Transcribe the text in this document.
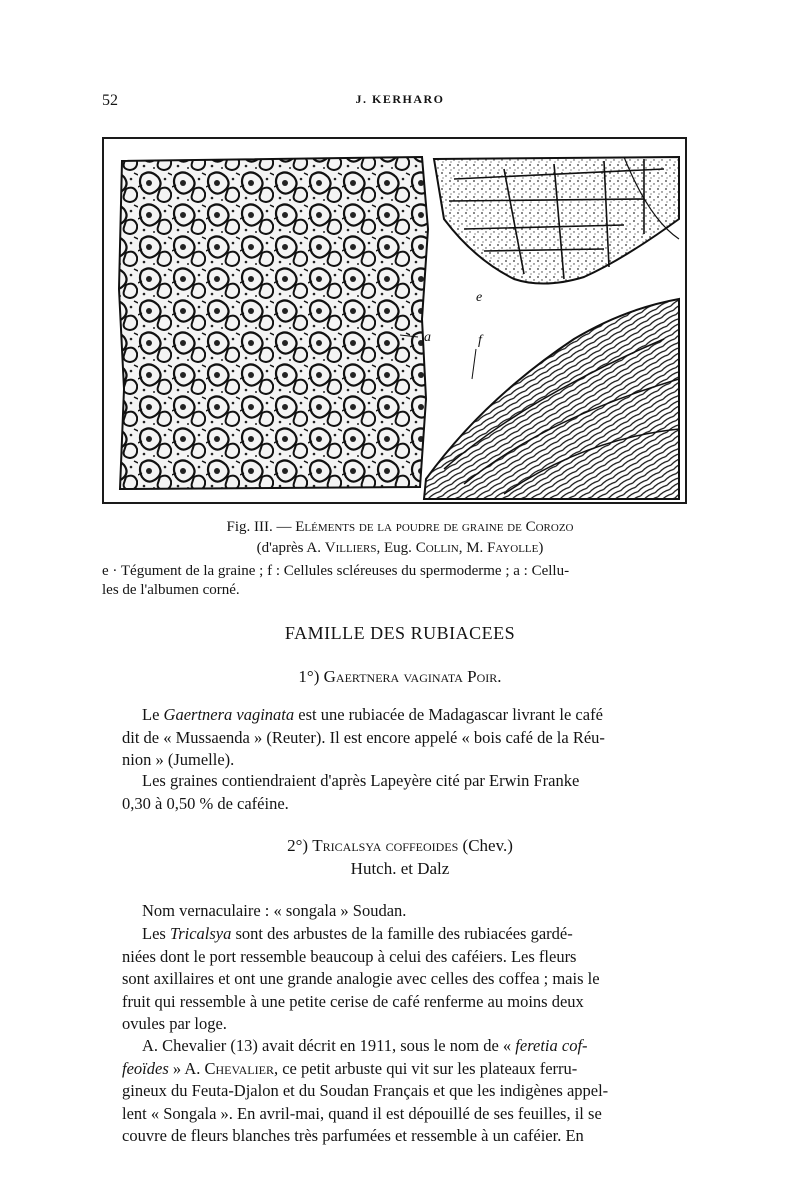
52	J. KERHARO
a
e
f
Fig. III. — Eléments de la poudre de graine de Corozo
(d'après A. Villiers, Eug. Collin, M. Fayolle)
e · Tégument de la graine ; f : Cellules scléreuses du spermoderme ; a : Cellu-
les de l'albumen corné.
FAMILLE DES RUBIACEES
1°) Gaertnera vaginata Poir.
Le Gaertnera vaginata est une rubiacée de Madagascar livrant le café
dit de « Mussaenda » (Reuter). Il est encore appelé « bois café de la Réu-
nion » (Jumelle).
Les graines contiendraient d'après Lapeyère cité par Erwin Franke
0,30 à 0,50 % de caféine.
2°) Tricalsya coffeoides (Chev.)
Hutch. et Dalz
Nom vernaculaire : « songala » Soudan.
Les Tricalsya sont des arbustes de la famille des rubiacées gardé-
niées dont le port ressemble beaucoup à celui des caféiers. Les fleurs
sont axillaires et ont une grande analogie avec celles des coffea ; mais le
fruit qui ressemble à une petite cerise de café renferme au moins deux
ovules par loge.
A. Chevalier (13) avait décrit en 1911, sous le nom de « feretia cof-
feoïdes » A. Chevalier, ce petit arbuste qui vit sur les plateaux ferru-
gineux du Feuta-Djalon et du Soudan Français et que les indigènes appel-
lent « Songala ». En avril-mai, quand il est dépouillé de ses feuilles, il se
couvre de fleurs blanches très parfumées et ressemble à un caféier. En
